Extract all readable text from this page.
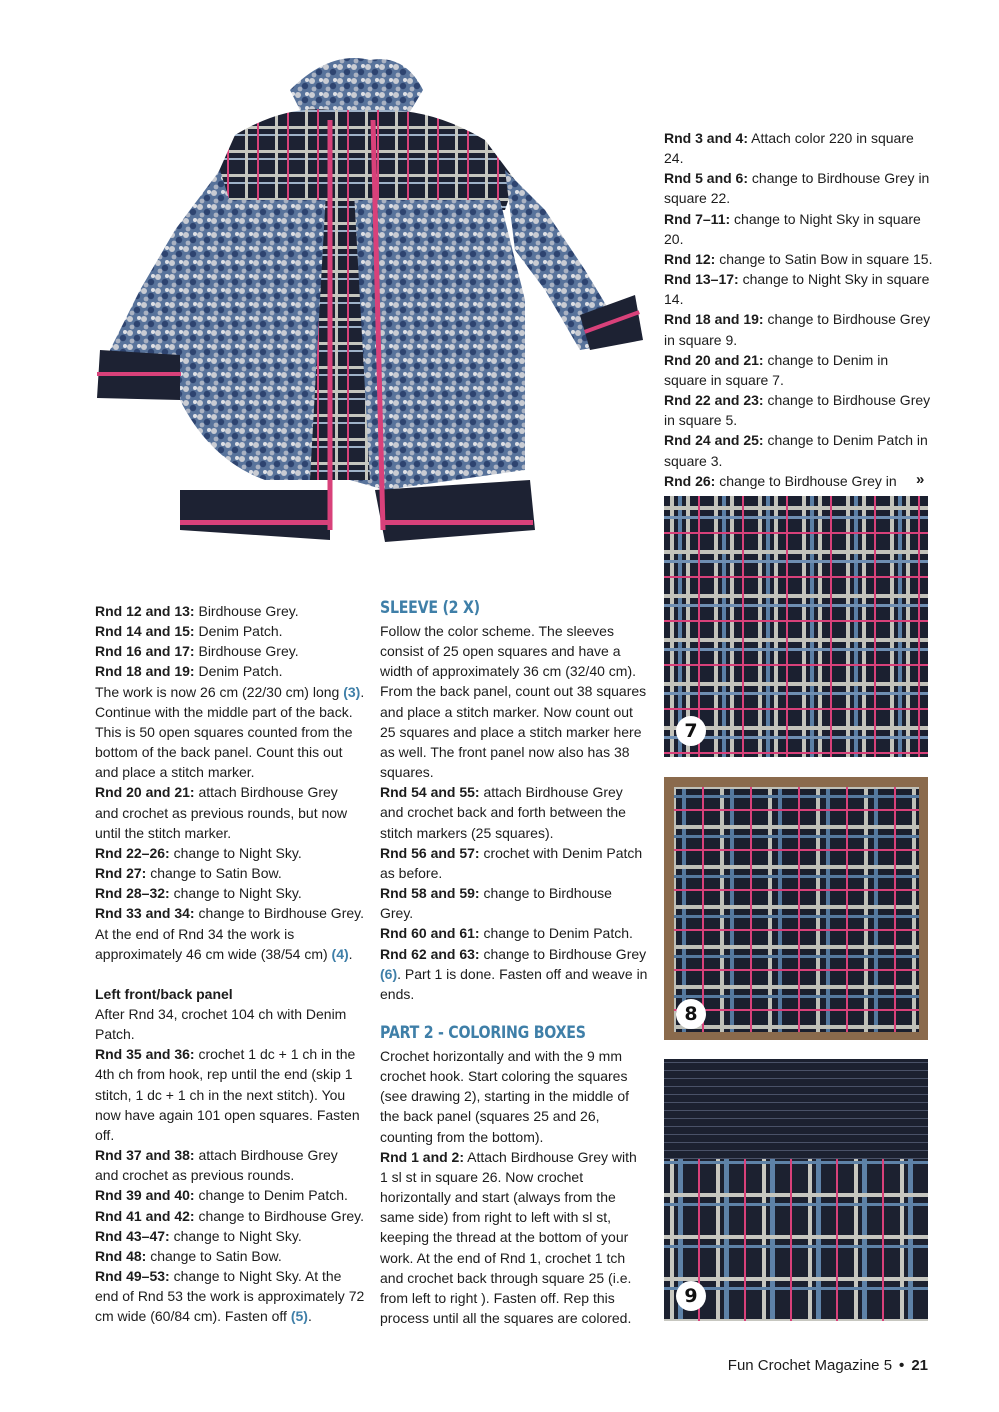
Rnd 3 and 4: Attach color 220 in square 24.

Rnd 5 and 6: change to Birdhouse Grey in square 22.

Rnd 7–11: change to Night Sky in square 20.

Rnd 12: change to Satin Bow in square 15.

Rnd 13–17: change to Night Sky in square 14.

Rnd 18 and 19: change to Birdhouse Grey in square 9.

Rnd 20 and 21: change to Denim in square in square 7.

Rnd 22 and 23: change to Birdhouse Grey in square 5.

Rnd 24 and 25: change to Denim Patch in square 3.

Rnd 26: change to Birdhouse Grey in	»

Rnd 12 and 13: Birdhouse Grey.

Rnd 14 and 15: Denim Patch.

Rnd 16 and 17: Birdhouse Grey.

Rnd 18 and 19: Denim Patch.

The work is now 26 cm (22/30 cm) long (3). Continue with the middle part of the back. This is 50 open squares counted from the bottom of the back panel. Count this out and place a stitch marker.

Rnd 20 and 21: attach Birdhouse Grey and crochet as previous rounds, but now until the stitch marker.

Rnd 22–26: change to Night Sky.

Rnd 27: change to Satin Bow.

Rnd 28–32: change to Night Sky.

Rnd 33 and 34: change to Birdhouse Grey. At the end of Rnd 34 the work is approximately 46 cm wide (38/54 cm) (4).

Left front/back panel

After Rnd 34, crochet 104 ch with Denim Patch.

Rnd 35 and 36: crochet 1 dc + 1 ch in the 4th ch from hook, rep until the end (skip 1 stitch, 1 dc + 1 ch in the next stitch). You now have again 101 open squares. Fasten off.

Rnd 37 and 38: attach Birdhouse Grey and crochet as previous rounds.

Rnd 39 and 40: change to Denim Patch.

Rnd 41 and 42: change to Birdhouse Grey.

Rnd 43–47: change to Night Sky.

Rnd 48: change to Satin Bow.

Rnd 49–53: change to Night Sky. At the end of Rnd 53 the work is approximately 72 cm wide (60/84 cm). Fasten off (5).

SLEEVE (2 X)

Follow the color scheme. The sleeves consist of 25 open squares and have a width of approximately 36 cm (32/40 cm). From the back panel, count out 38 squares and place a stitch marker. Now count out 25 squares and place a stitch marker here as well. The front panel now also has 38 squares.

Rnd 54 and 55: attach Birdhouse Grey and crochet back and forth between the stitch markers (25 squares).

Rnd 56 and 57: crochet with Denim Patch as before.

Rnd 58 and 59: change to Birdhouse Grey.

Rnd 60 and 61: change to Denim Patch.

Rnd 62 and 63: change to Birdhouse Grey (6). Part 1 is done. Fasten off and weave in ends.

PART 2 - COLORING BOXES

Crochet horizontally and with the 9 mm crochet hook. Start coloring the squares (see drawing 2), starting in the middle of the back panel (squares 25 and 26, counting from the bottom).

Rnd 1 and 2: Attach Birdhouse Grey with 1 sl st in square 26. Now crochet horizontally and start (always from the same side) from right to left with sl st, keeping the thread at the bottom of your work. At the end of Rnd 1, crochet 1 tch and crochet back through square 25 (i.e. from left to right ). Fasten off. Rep this process until all the squares are colored.

7
8
9
Fun Crochet Magazine 5 • 21
